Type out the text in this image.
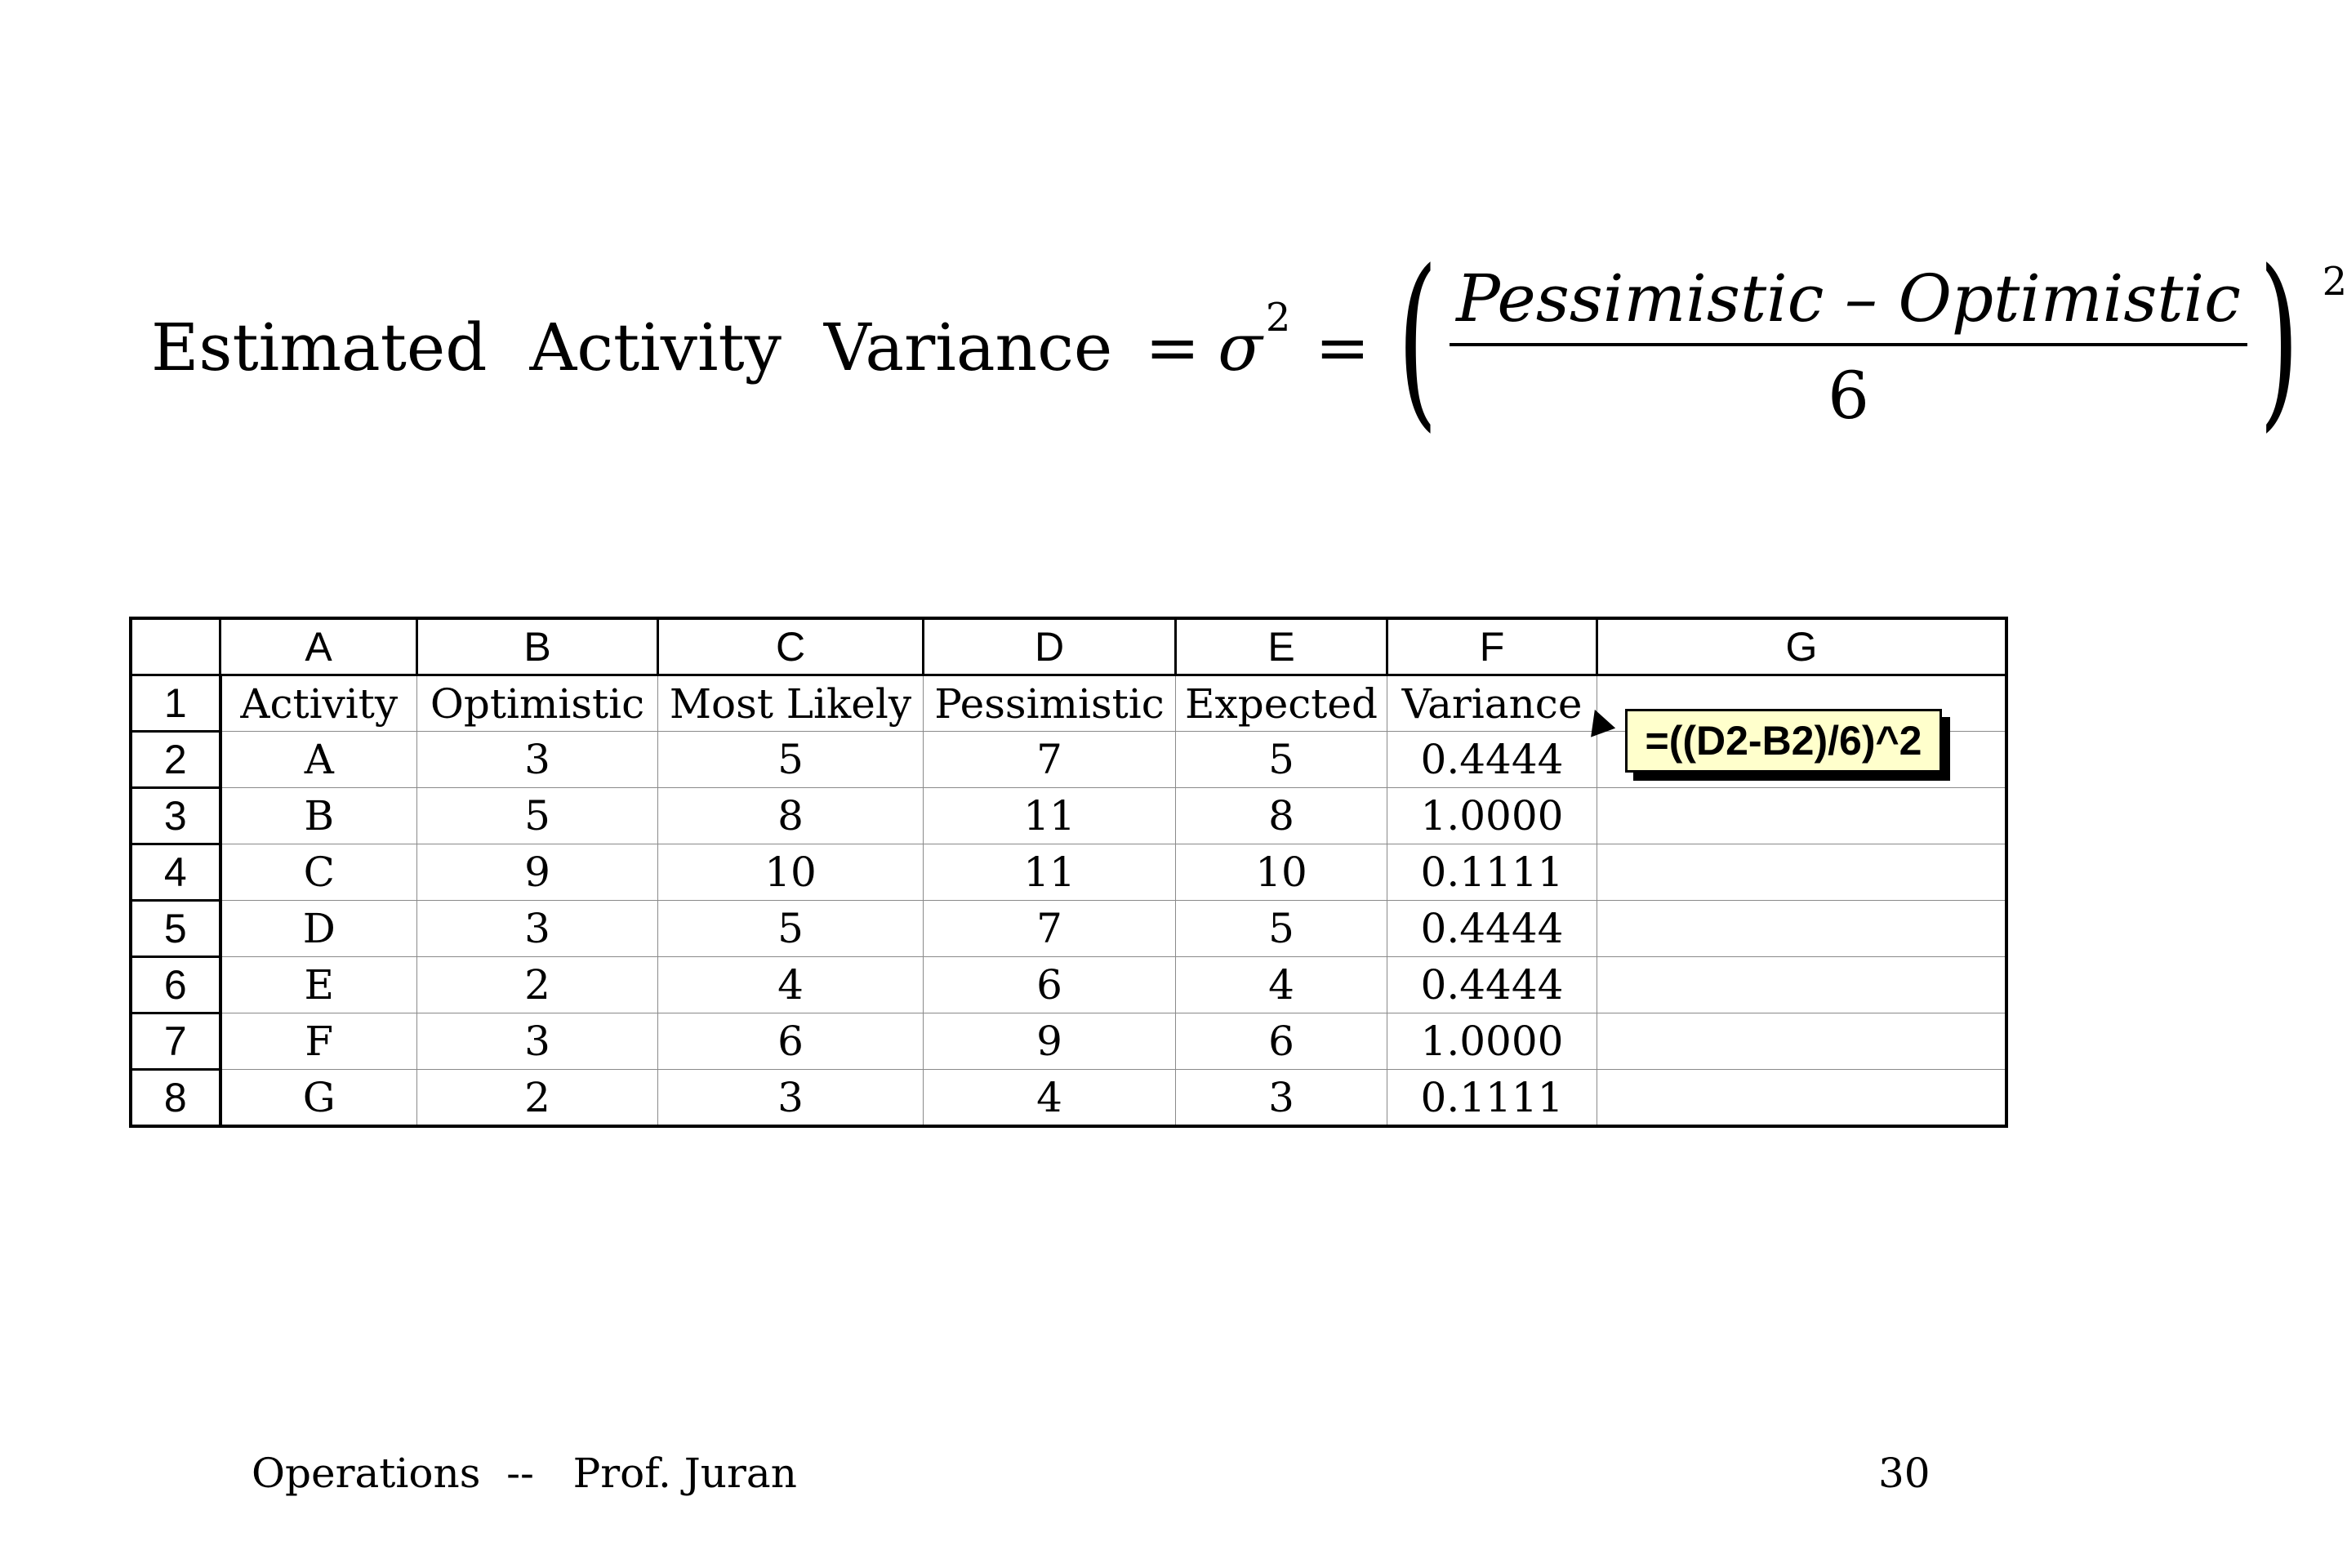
Estimated Activity Variance = σ 2 = ( $\frac{\text{Pessimistic – Optimistic}}{6}$ ) 2
	A	B	C	D	E	F	G
1	Activity	Optimistic	Most Likely	Pessimistic	Expected	Variance	
2	A	3	5	7	5	0.4444	
3	B	5	8	11	8	1.0000	
4	C	9	10	11	10	0.1111	
5	D	3	5	7	5	0.4444	
6	E	2	4	6	4	0.4444	
7	F	3	6	9	6	1.0000	
8	G	2	3	4	3	0.1111	
=((D2-B2)/6)^2
Operations  --   Prof. Juran	30
